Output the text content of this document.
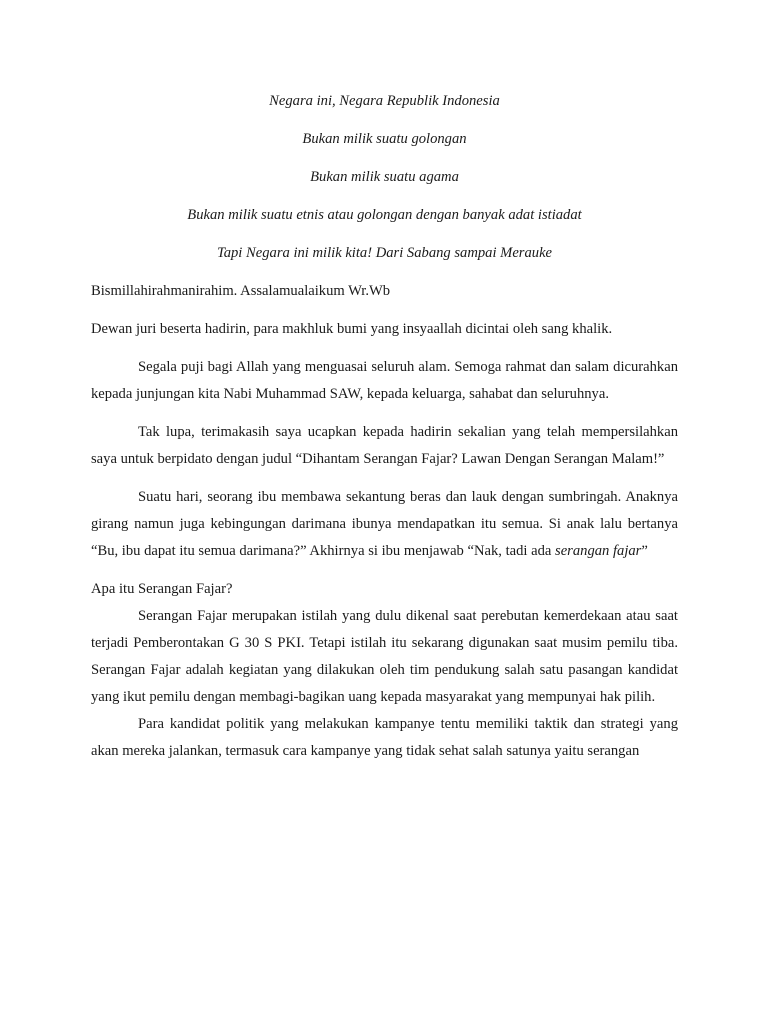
Negara ini, Negara Republik Indonesia

Bukan milik suatu golongan

Bukan milik suatu agama

Bukan milik suatu etnis atau golongan dengan banyak adat istiadat

Tapi Negara ini milik kita! Dari Sabang sampai Merauke

Bismillahirahmanirahim. Assalamualaikum Wr.Wb

Dewan juri beserta hadirin, para makhluk bumi yang insyaallah dicintai oleh sang khalik.

Segala puji bagi Allah yang menguasai seluruh alam. Semoga rahmat dan salam dicurahkan kepada junjungan kita Nabi Muhammad SAW, kepada keluarga, sahabat dan seluruhnya.

Tak lupa, terimakasih saya ucapkan kepada hadirin sekalian yang telah mempersilahkan saya untuk berpidato dengan judul “Dihantam Serangan Fajar? Lawan Dengan Serangan Malam!”

Suatu hari, seorang ibu membawa sekantung beras dan lauk dengan sumbringah. Anaknya girang namun juga kebingungan darimana ibunya mendapatkan itu semua. Si anak lalu bertanya “Bu, ibu dapat itu semua darimana?” Akhirnya si ibu menjawab “Nak, tadi ada serangan fajar”

Apa itu Serangan Fajar?

Serangan Fajar merupakan istilah yang dulu dikenal saat perebutan kemerdekaan atau saat terjadi Pemberontakan G 30 S PKI. Tetapi istilah itu sekarang digunakan saat musim pemilu tiba. Serangan Fajar adalah kegiatan yang dilakukan oleh tim pendukung salah satu pasangan kandidat yang ikut pemilu dengan membagi-bagikan uang kepada masyarakat yang mempunyai hak pilih.

Para kandidat politik yang melakukan kampanye tentu memiliki taktik dan strategi yang akan mereka jalankan, termasuk cara kampanye yang tidak sehat salah satunya yaitu serangan
